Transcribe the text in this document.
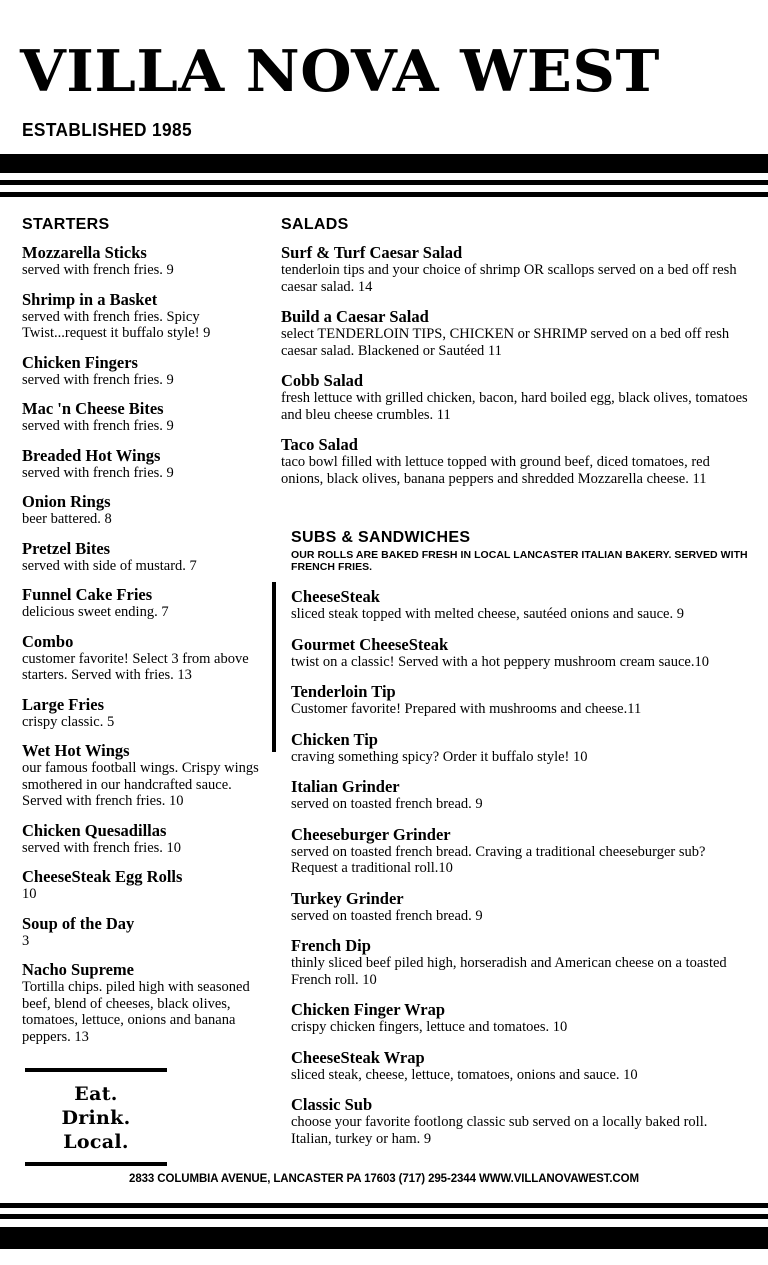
VILLA NOVA WEST
ESTABLISHED 1985
STARTERS
Mozzarella Sticks
served with french fries. 9
Shrimp in a Basket
served with french fries. Spicy Twist...request it buffalo style! 9
Chicken Fingers
served with french fries. 9
Mac 'n Cheese Bites
served with french fries. 9
Breaded Hot Wings
served with french fries. 9
Onion Rings
beer battered. 8
Pretzel Bites
served with side of mustard. 7
Funnel Cake Fries
delicious sweet ending. 7
Combo
customer favorite! Select 3 from above starters. Served with fries. 13
Large Fries
crispy classic. 5
Wet Hot Wings
our famous football wings. Crispy wings smothered in our handcrafted sauce. Served with french fries. 10
Chicken Quesadillas
served with french fries. 10
CheeseSteak Egg Rolls
10
Soup of the Day
3
Nacho Supreme
Tortilla chips. piled high with seasoned beef, blend of cheeses, black olives, tomatoes, lettuce, onions and banana peppers. 13
SALADS
Surf & Turf Caesar Salad
tenderloin tips and your choice of shrimp OR scallops served on a bed off resh caesar salad. 14
Build a Caesar Salad
select TENDERLOIN TIPS, CHICKEN or SHRIMP served on a bed off resh caesar salad. Blackened or Sautéed 11
Cobb Salad
fresh lettuce with grilled chicken, bacon, hard boiled egg, black olives, tomatoes and bleu cheese crumbles. 11
Taco Salad
taco bowl filled with lettuce topped with ground beef, diced tomatoes, red onions, black olives, banana peppers and shredded Mozzarella cheese. 11
SUBS & SANDWICHES
OUR ROLLS ARE BAKED FRESH IN LOCAL LANCASTER ITALIAN BAKERY. SERVED WITH FRENCH FRIES.
CheeseSteak
sliced steak topped with melted cheese, sautéed onions and sauce. 9
Gourmet CheeseSteak
twist on a classic! Served with a hot peppery mushroom cream sauce.10
Tenderloin Tip
Customer favorite! Prepared with mushrooms and cheese.11
Chicken Tip
craving something spicy? Order it buffalo style! 10
Italian Grinder
served on toasted french bread. 9
Cheeseburger Grinder
served on toasted french bread. Craving a traditional cheeseburger sub? Request a traditional roll.10
Turkey Grinder
served on toasted french bread. 9
French Dip
thinly sliced beef piled high, horseradish and American cheese on a toasted French roll. 10
Chicken Finger Wrap
crispy chicken fingers, lettuce and tomatoes. 10
CheeseSteak Wrap
sliced steak, cheese, lettuce, tomatoes, onions and sauce. 10
Classic Sub
choose your favorite footlong classic sub served on a locally baked roll. Italian, turkey or ham. 9
Eat.
Drink.
Local.
2833 COLUMBIA AVENUE, LANCASTER PA 17603 (717) 295-2344 WWW.VILLANOVAWEST.COM
